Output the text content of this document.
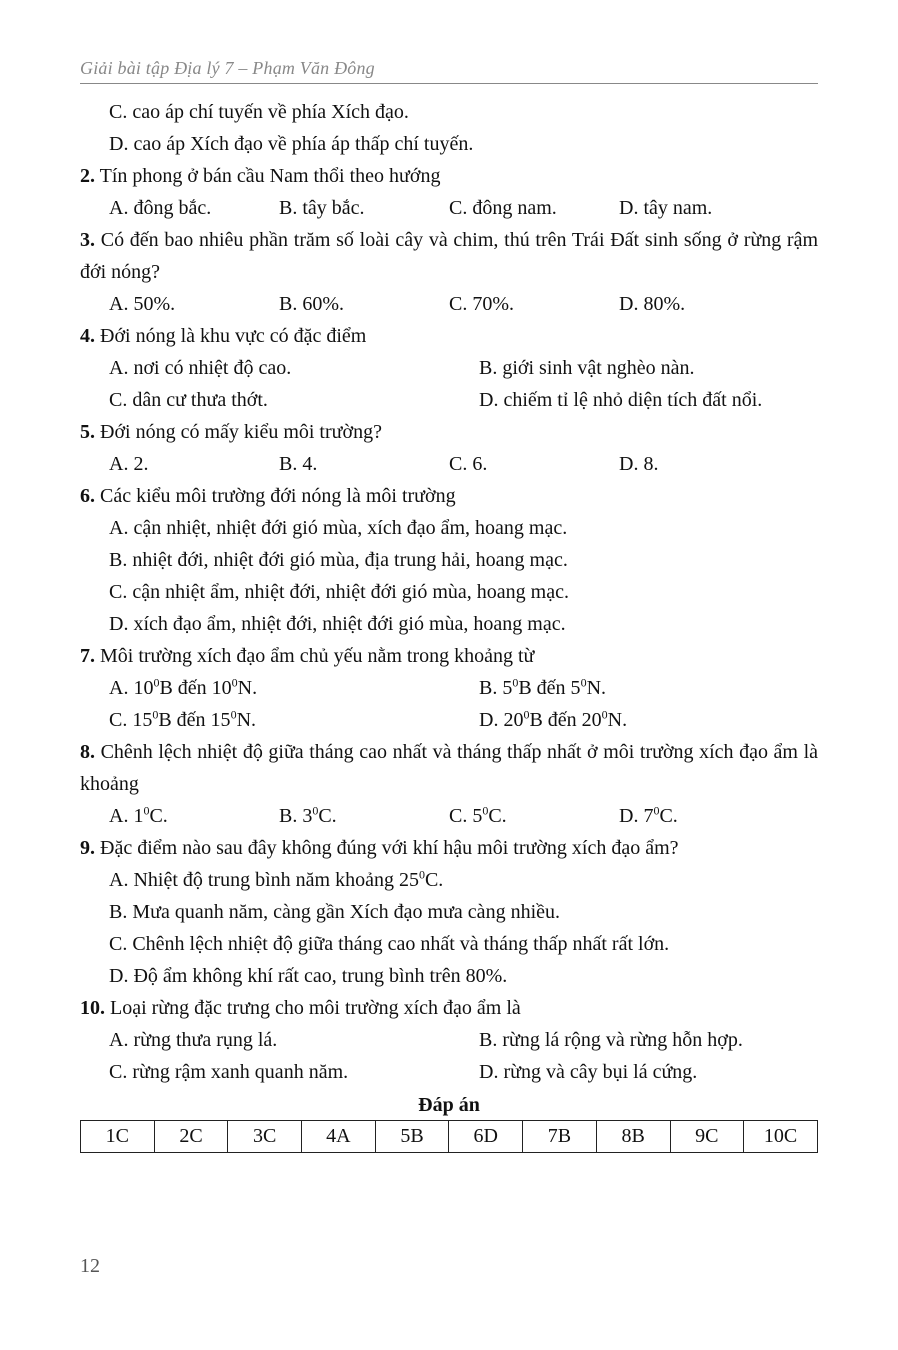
Giải bài tập Địa lý 7 – Phạm Văn Đông
C. cao áp chí tuyến về phía Xích đạo.
D. cao áp Xích đạo về phía áp thấp chí tuyến.
2. Tín phong ở bán cầu Nam thổi theo hướng
A. đông bắc.	B. tây bắc.	C. đông nam.	D. tây nam.
3. Có đến bao nhiêu phần trăm số loài cây và chim, thú trên Trái Đất sinh sống ở rừng rậm đới nóng?
A. 50%.	B. 60%.	C. 70%.	D. 80%.
4. Đới nóng là khu vực có đặc điểm
A. nơi có nhiệt độ cao.	B. giới sinh vật nghèo nàn.
C. dân cư thưa thớt.	D. chiếm tỉ lệ nhỏ diện tích đất nổi.
5. Đới nóng có mấy kiểu môi trường?
A. 2.	B. 4.	C. 6.	D. 8.
6. Các kiểu môi trường đới nóng là môi trường
A. cận nhiệt, nhiệt đới gió mùa, xích đạo ẩm, hoang mạc.
B. nhiệt đới, nhiệt đới gió mùa, địa trung hải, hoang mạc.
C. cận nhiệt ẩm, nhiệt đới, nhiệt đới gió mùa, hoang mạc.
D. xích đạo ẩm, nhiệt đới, nhiệt đới gió mùa, hoang mạc.
7. Môi trường xích đạo ẩm chủ yếu nằm trong khoảng từ
A. $10^0B$ đến $10^0N$.	B. $5^0B$ đến $5^0N$.
C. $15^0B$ đến $15^0N$.	D. $20^0B$ đến $20^0N$.
8. Chênh lệch nhiệt độ giữa tháng cao nhất và tháng thấp nhất ở môi trường xích đạo ẩm là khoảng
A. $1^0C$.	B. $3^0C$.	C. $5^0C$.	D. $7^0C$.
9. Đặc điểm nào sau đây không đúng với khí hậu môi trường xích đạo ẩm?
A. Nhiệt độ trung bình năm khoảng $25^0C$.
B. Mưa quanh năm, càng gần Xích đạo mưa càng nhiều.
C. Chênh lệch nhiệt độ giữa tháng cao nhất và tháng thấp nhất rất lớn.
D. Độ ẩm không khí rất cao, trung bình trên 80%.
10. Loại rừng đặc trưng cho môi trường xích đạo ẩm là
A. rừng thưa rụng lá.	B. rừng lá rộng và rừng hỗn hợp.
C. rừng rậm xanh quanh năm.	D. rừng và cây bụi lá cứng.
Đáp án
1C	2C	3C	4A	5B	6D	7B	8B	9C	10C
12
